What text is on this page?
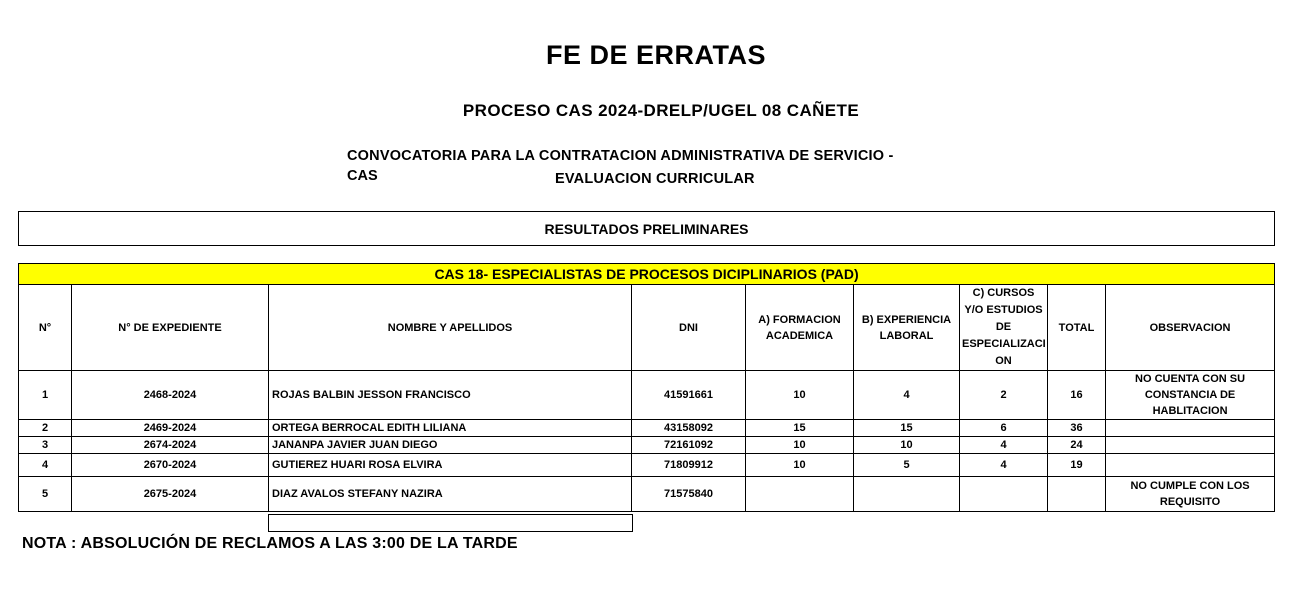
FE DE ERRATAS
PROCESO CAS 2024-DRELP/UGEL 08 CAÑETE
CONVOCATORIA PARA LA CONTRATACION ADMINISTRATIVA DE SERVICIO -
CAS	EVALUACION CURRICULAR
RESULTADOS PRELIMINARES
CAS 18- ESPECIALISTAS DE PROCESOS DICIPLINARIOS (PAD)								
N°	N° DE EXPEDIENTE	NOMBRE Y APELLIDOS	DNI	A) FORMACION ACADEMICA	B) EXPERIENCIA LABORAL	C) CURSOS Y/O ESTUDIOS DE ESPECIALIZACI ON	TOTAL	OBSERVACION
1	2468-2024	ROJAS BALBIN JESSON FRANCISCO	41591661	10	4	2	16	NO CUENTA CON SU CONSTANCIA DE HABLITACION
2	2469-2024	ORTEGA BERROCAL EDITH LILIANA	43158092	15	15	6	36	
3	2674-2024	JANANPA JAVIER JUAN DIEGO	72161092	10	10	4	24	
4	2670-2024	GUTIEREZ HUARI ROSA ELVIRA	71809912	10	5	4	19	
5	2675-2024	DIAZ AVALOS STEFANY NAZIRA	71575840					NO CUMPLE CON LOS REQUISITO
NOTA : ABSOLUCIÓN DE RECLAMOS A LAS 3:00 DE LA TARDE
